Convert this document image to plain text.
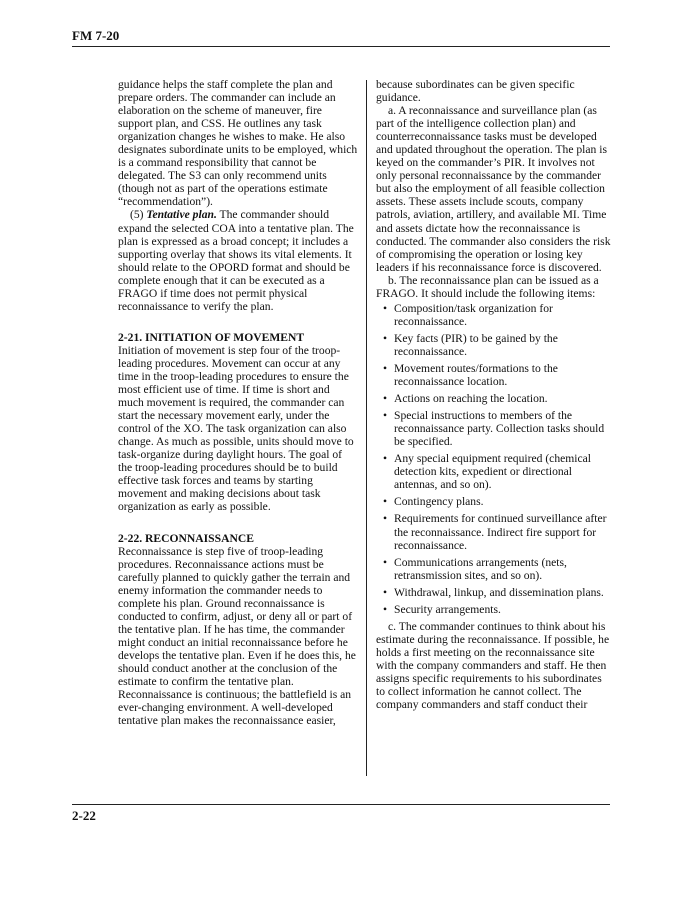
FM 7-20

guidance helps the staff complete the plan and prepare orders. The commander can include an elaboration on the scheme of maneuver, fire support plan, and CSS. He outlines any task organization changes he wishes to make. He also designates subordinate units to be employed, which is a command responsibility that cannot be delegated. The S3 can only recommend units (though not as part of the operations estimate “recommendation”).

(5) Tentative plan. The commander should expand the selected COA into a tentative plan. The plan is expressed as a broad concept; it includes a supporting overlay that shows its vital elements. It should relate to the OPORD format and should be complete enough that it can be executed as a FRAGO if time does not permit physical reconnaissance to verify the plan.

2-21. INITIATION OF MOVEMENT

Initiation of movement is step four of the troop-leading procedures. Movement can occur at any time in the troop-leading procedures to ensure the most efficient use of time. If time is short and much movement is required, the commander can start the necessary movement early, under the control of the XO. The task organization can also change. As much as possible, units should move to task-organize during daylight hours. The goal of the troop-leading procedures should be to build effective task forces and teams by starting movement and making decisions about task organization as early as possible.

2-22. RECONNAISSANCE

Reconnaissance is step five of troop-leading procedures. Reconnaissance actions must be carefully planned to quickly gather the terrain and enemy information the commander needs to complete his plan. Ground reconnaissance is conducted to confirm, adjust, or deny all or part of the tentative plan. If he has time, the commander might conduct an initial reconnaissance before he develops the tentative plan. Even if he does this, he should conduct another at the conclusion of the estimate to confirm the tentative plan. Reconnaissance is continuous; the battlefield is an ever-changing environment. A well-developed tentative plan makes the reconnaissance easier,

because subordinates can be given specific guidance.

a. A reconnaissance and surveillance plan (as part of the intelligence collection plan) and counterreconnaissance tasks must be developed and updated throughout the operation. The plan is keyed on the commander’s PIR. It involves not only personal reconnaissance by the commander but also the employment of all feasible collection assets. These assets include scouts, company patrols, aviation, artillery, and available MI. Time and assets dictate how the reconnaissance is conducted. The commander also considers the risk of compromising the operation or losing key leaders if his reconnaissance force is discovered.

b. The reconnaissance plan can be issued as a FRAGO. It should include the following items:

• Composition/task organization for reconnaissance.
• Key facts (PIR) to be gained by the reconnaissance.
• Movement routes/formations to the reconnaissance location.
• Actions on reaching the location.
• Special instructions to members of the reconnaissance party. Collection tasks should be specified.
• Any special equipment required (chemical detection kits, expedient or directional antennas, and so on).
• Contingency plans.
• Requirements for continued surveillance after the reconnaissance. Indirect fire support for reconnaissance.
• Communications arrangements (nets, retransmission sites, and so on).
• Withdrawal, linkup, and dissemination plans.
• Security arrangements.

c. The commander continues to think about his estimate during the reconnaissance. If possible, he holds a first meeting on the reconnaissance site with the company commanders and staff. He then assigns specific requirements to his subordinates to collect information he cannot collect. The company commanders and staff conduct their

2-22
